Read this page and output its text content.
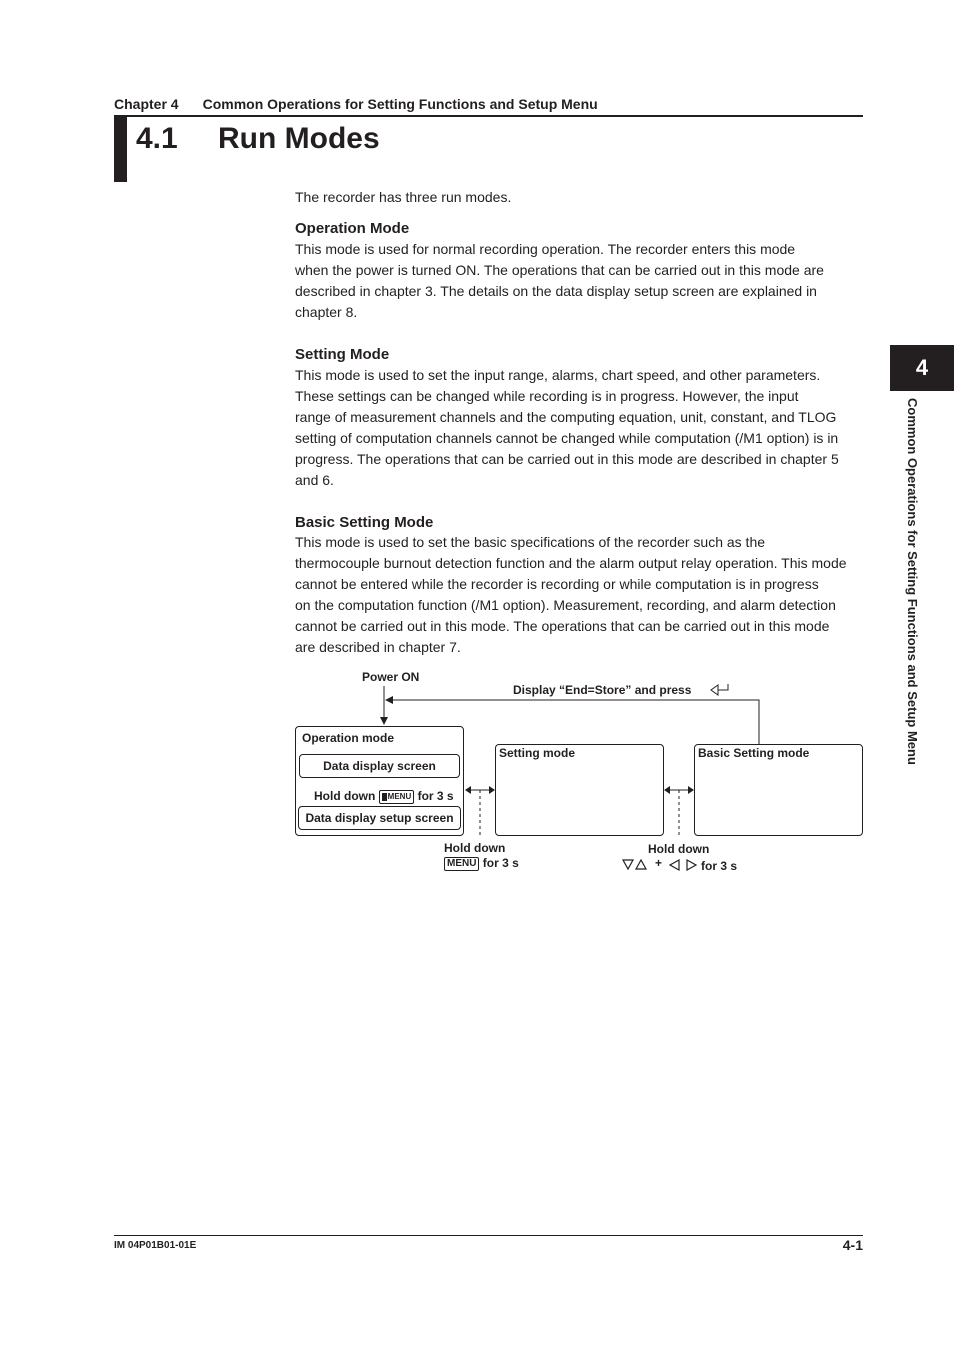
Chapter 4 Common Operations for Setting Functions and Setup Menu
4.1 Run Modes
The recorder has three run modes.
Operation Mode
This mode is used for normal recording operation. The recorder enters this mode
when the power is turned ON. The operations that can be carried out in this mode are
described in chapter 3. The details on the data display setup screen are explained in
chapter 8.
Setting Mode
This mode is used to set the input range, alarms, chart speed, and other parameters.
These settings can be changed while recording is in progress. However, the input
range of measurement channels and the computing equation, unit, constant, and TLOG
setting of computation channels cannot be changed while computation (/M1 option) is in
progress. The operations that can be carried out in this mode are described in chapter 5
and 6.
Basic Setting Mode
This mode is used to set the basic specifications of the recorder such as the
thermocouple burnout detection function and the alarm output relay operation. This mode
cannot be entered while the recorder is recording or while computation is in progress
on the computation function (/M1 option). Measurement, recording, and alarm detection
cannot be carried out in this mode. The operations that can be carried out in this mode
are described in chapter 7.
Power ON
Display “End=Store” and press
Operation mode
Data display screen
Hold down MENU for 3 s
Data display setup screen
Setting mode	Basic Setting mode
Hold down
MENU for 3 s
Hold down
+	for 3 s
4
Common Operations for Setting Functions and Setup Menu
IM 04P01B01-01E	4-1
